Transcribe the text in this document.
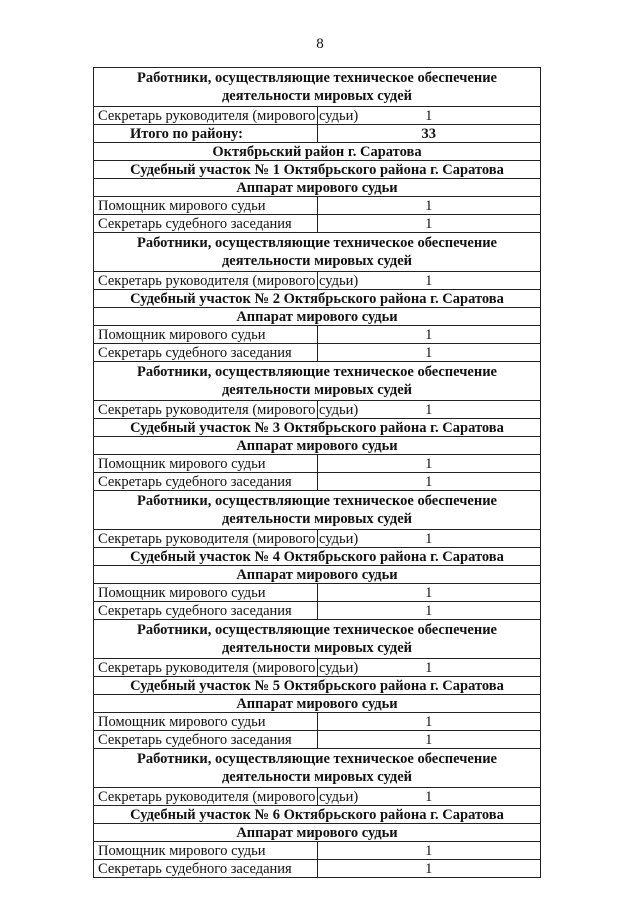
8
Работники, осуществляющие техническое обеспечение деятельности мировых судей	
Секретарь руководителя (мирового судьи)	1
Итого по району:	33
Октябрьский район г. Саратова	
Судебный участок № 1 Октябрьского района г. Саратова	
Аппарат мирового судьи	
Помощник мирового судьи	1
Секретарь судебного заседания	1
Работники, осуществляющие техническое обеспечение деятельности мировых судей	
Секретарь руководителя (мирового судьи)	1
Судебный участок № 2 Октябрьского района г. Саратова	
Аппарат мирового судьи	
Помощник мирового судьи	1
Секретарь судебного заседания	1
Работники, осуществляющие техническое обеспечение деятельности мировых судей	
Секретарь руководителя (мирового судьи)	1
Судебный участок № 3 Октябрьского района г. Саратова	
Аппарат мирового судьи	
Помощник мирового судьи	1
Секретарь судебного заседания	1
Работники, осуществляющие техническое обеспечение деятельности мировых судей	
Секретарь руководителя (мирового судьи)	1
Судебный участок № 4 Октябрьского района г. Саратова	
Аппарат мирового судьи	
Помощник мирового судьи	1
Секретарь судебного заседания	1
Работники, осуществляющие техническое обеспечение деятельности мировых судей	
Секретарь руководителя (мирового судьи)	1
Судебный участок № 5 Октябрьского района г. Саратова	
Аппарат мирового судьи	
Помощник мирового судьи	1
Секретарь судебного заседания	1
Работники, осуществляющие техническое обеспечение деятельности мировых судей	
Секретарь руководителя (мирового судьи)	1
Судебный участок № 6 Октябрьского района г. Саратова	
Аппарат мирового судьи	
Помощник мирового судьи	1
Секретарь судебного заседания	1
